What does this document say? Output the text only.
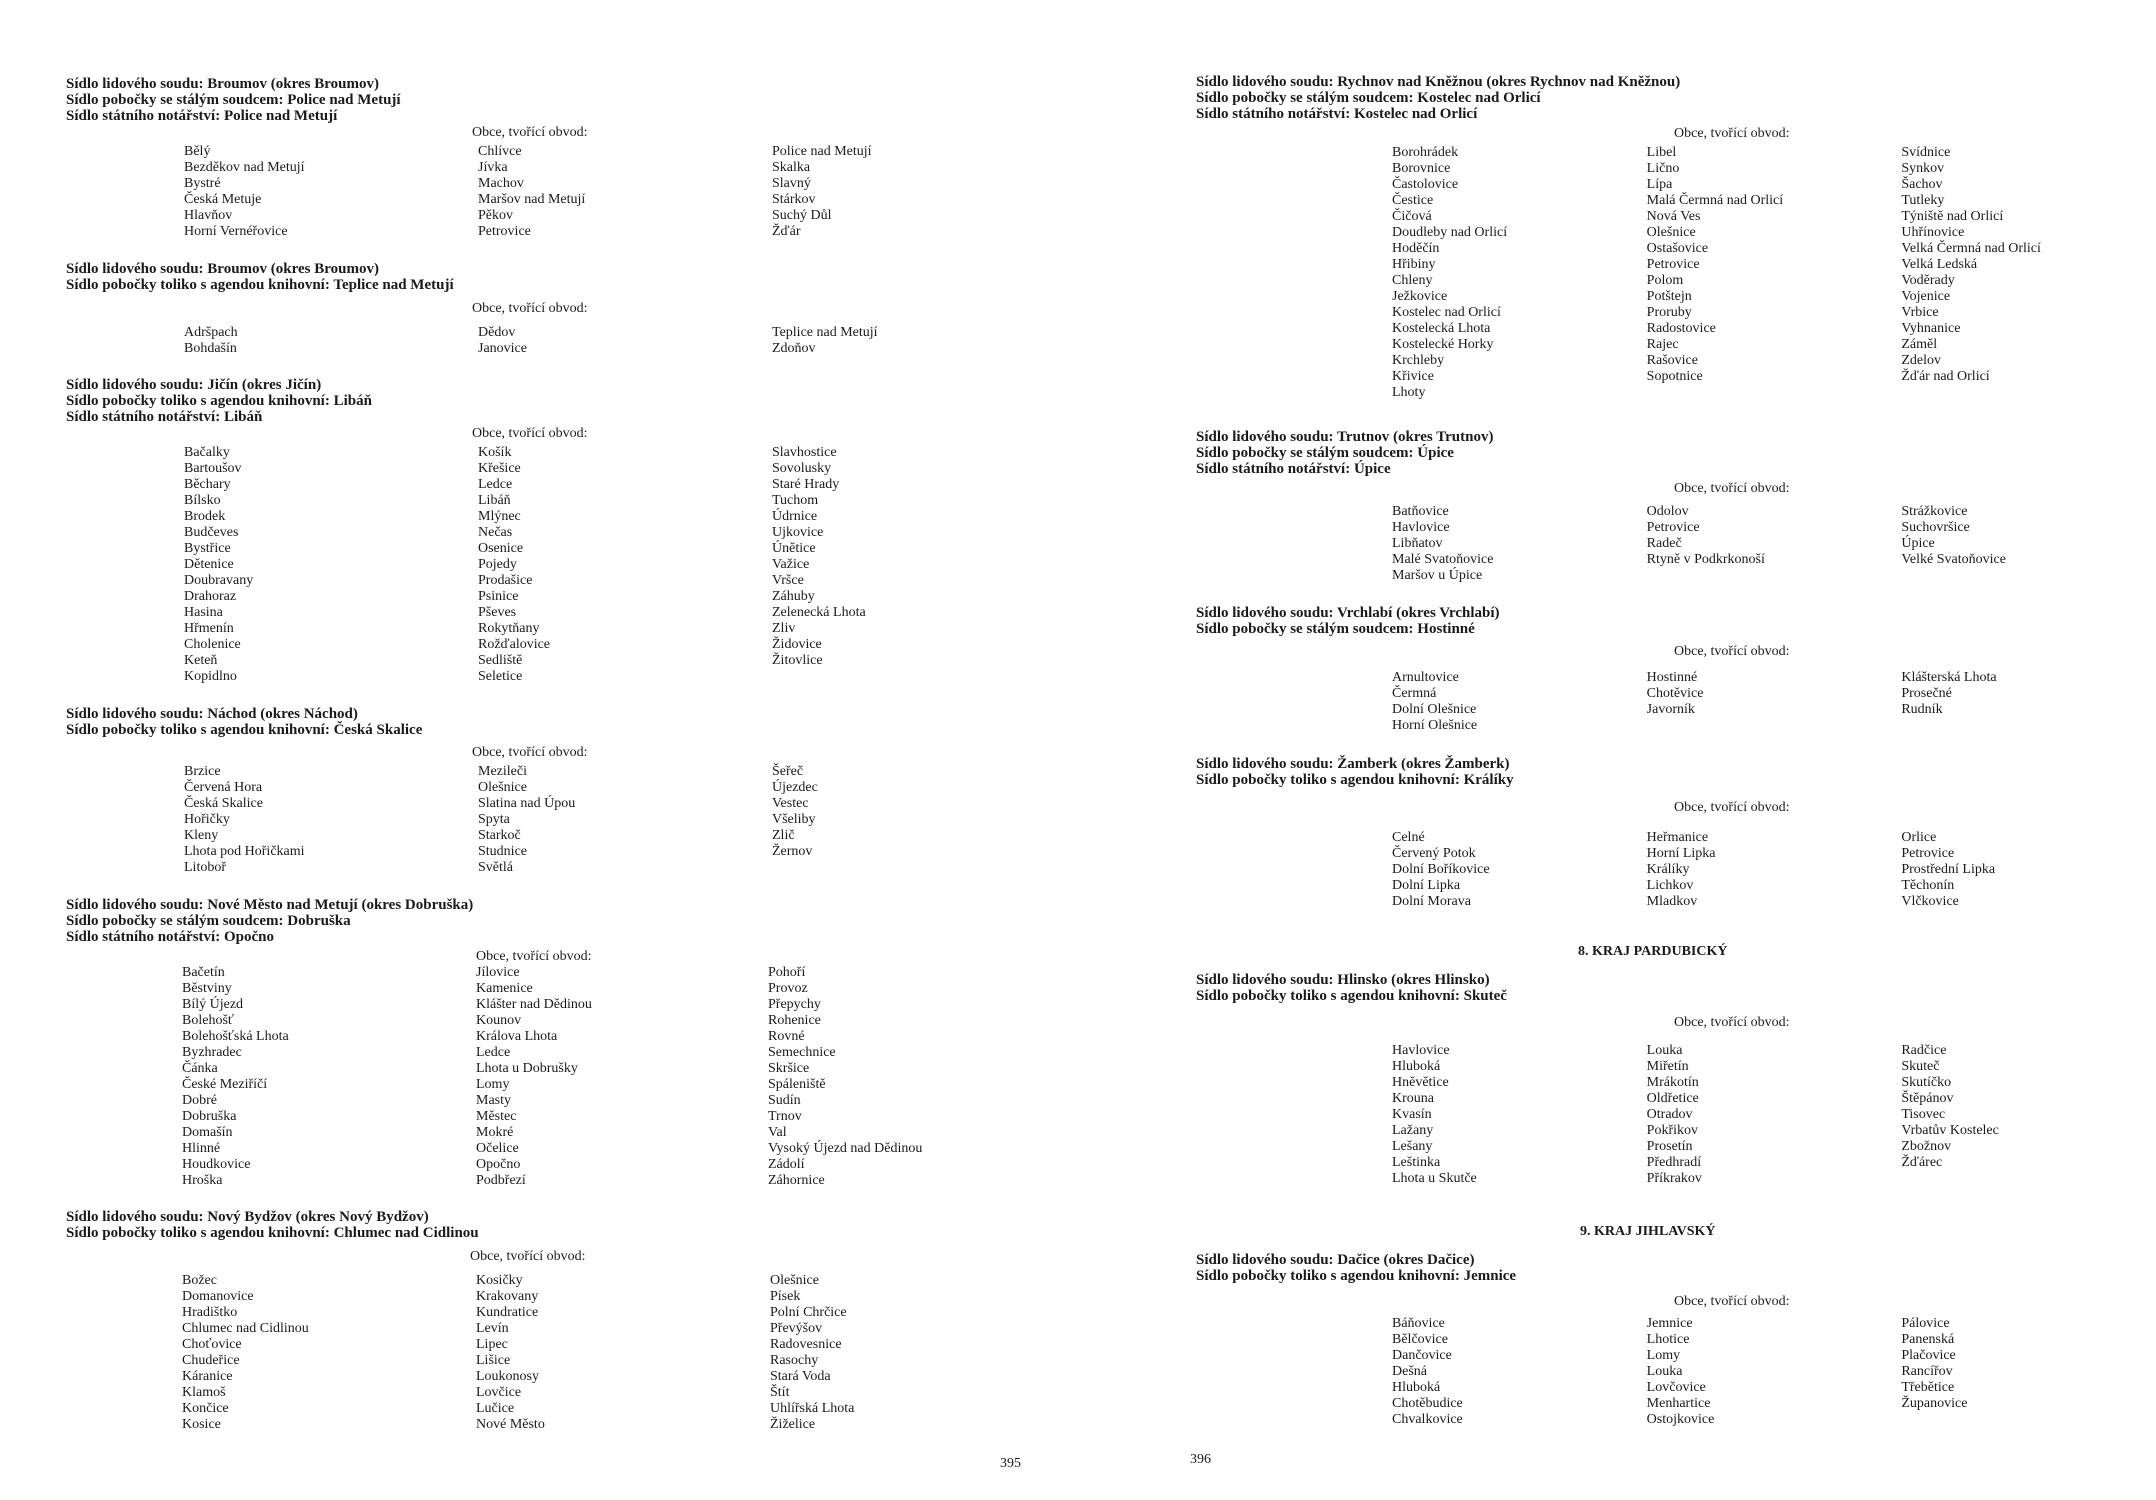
Sídlo lidového soudu: Broumov (okres Broumov)
Sídlo pobočky se stálým soudcem: Police nad Metují
Sídlo státního notářství: Police nad Metují
Obce, tvořící obvod:
Bělý
Bezděkov nad Metují
Bystré
Česká Metuje
Hlavňov
Horní Vernéřovice
Chlívce
Jívka
Machov
Maršov nad Metují
Pěkov
Petrovice
Police nad Metují
Skalka
Slavný
Stárkov
Suchý Důl
Žďár
Sídlo lidového soudu: Broumov (okres Broumov)
Sídlo pobočky toliko s agendou knihovní: Teplice nad Metují
Obce, tvořící obvod:
Adršpach
Bohdašín
Dědov
Janovice
Teplice nad Metují
Zdoňov
Sídlo lidového soudu: Jičín (okres Jičín)
Sídlo pobočky toliko s agendou knihovní: Libáň
Sídlo státního notářství: Libáň
Obce, tvořící obvod:
Bačalky
Bartoušov
Běchary
Bílsko
Brodek
Budčeves
Bystřice
Dětenice
Doubravany
Drahoraz
Hasina
Hřmenín
Cholenice
Keteň
Kopidlno
Košík
Křešice
Ledce
Libáň
Mlýnec
Nečas
Osenice
Pojedy
Prodašice
Psinice
Pševes
Rokytňany
Rožďalovice
Sedliště
Seletice
Slavhostice
Sovolusky
Staré Hrady
Tuchom
Údrnice
Ujkovice
Únětice
Važice
Vršce
Záhuby
Zelenecká Lhota
Zliv
Židovice
Žitovlice
Sídlo lidového soudu: Náchod (okres Náchod)
Sídlo pobočky toliko s agendou knihovní: Česká Skalice
Obce, tvořící obvod:
Brzice
Červená Hora
Česká Skalice
Hořičky
Kleny
Lhota pod Hořičkami
Litoboř
Mezileči
Olešnice
Slatina nad Úpou
Spyta
Starkoč
Studnice
Světlá
Šeřeč
Újezdec
Vestec
Všeliby
Zlič
Žernov
Sídlo lidového soudu: Nové Město nad Metují (okres Dobruška)
Sídlo pobočky se stálým soudcem: Dobruška
Sídlo státního notářství: Opočno
Obce, tvořící obvod:
Bačetín
Běstviny
Bílý Újezd
Bolehošť
Bolehošťská Lhota
Byzhradec
Čánka
České Meziříčí
Dobré
Dobruška
Domašín
Hlinné
Houdkovice
Hroška
Jílovice
Kamenice
Klášter nad Dědinou
Kounov
Králova Lhota
Ledce
Lhota u Dobrušky
Lomy
Masty
Městec
Mokré
Očelice
Opočno
Podbřezí
Pohoří
Provoz
Přepychy
Rohenice
Rovné
Semechnice
Skršice
Spáleniště
Sudín
Trnov
Val
Vysoký Újezd nad Dědinou
Zádolí
Záhornice
Sídlo lidového soudu: Nový Bydžov (okres Nový Bydžov)
Sídlo pobočky toliko s agendou knihovní: Chlumec nad Cidlinou
Obce, tvořící obvod:
Božec
Domanovice
Hradištko
Chlumec nad Cidlinou
Choťovice
Chudeřice
Káranice
Klamoš
Končice
Kosice
Kosičky
Krakovany
Kundratice
Levín
Lipec
Lišice
Loukonosy
Lovčice
Lučice
Nové Město
Olešnice
Písek
Polní Chrčice
Převýšov
Radovesnice
Rasochy
Stará Voda
Štít
Uhlířská Lhota
Žiželice
395
Sídlo lidového soudu: Rychnov nad Kněžnou (okres Rychnov nad Kněžnou)
Sídlo pobočky se stálým soudcem: Kostelec nad Orlicí
Sídlo státního notářství: Kostelec nad Orlicí
Obce, tvořící obvod:
Borohrádek
Borovnice
Častolovice
Čestice
Čičová
Doudleby nad Orlicí
Hoděčín
Hřibiny
Chleny
Ježkovice
Kostelec nad Orlicí
Kostelecká Lhota
Kostelecké Horky
Krchleby
Křivice
Lhoty
Libel
Lično
Lípa
Malá Čermná nad Orlicí
Nová Ves
Olešnice
Ostašovice
Petrovice
Polom
Potštejn
Proruby
Radostovice
Rajec
Rašovice
Sopotnice
Svídnice
Synkov
Šachov
Tutleky
Týniště nad Orlicí
Uhřínovice
Velká Čermná nad Orlicí
Velká Ledská
Voděrady
Vojenice
Vrbice
Vyhnanice
Záměl
Zdelov
Žďár nad Orlicí
Sídlo lidového soudu: Trutnov (okres Trutnov)
Sídlo pobočky se stálým soudcem: Úpice
Sídlo státního notářství: Úpice
Obce, tvořící obvod:
Batňovice
Havlovice
Libňatov
Malé Svatoňovice
Maršov u Úpice
Odolov
Petrovice
Radeč
Rtyně v Podkrkonoší
Strážkovice
Suchovršice
Úpice
Velké Svatoňovice
Sídlo lidového soudu: Vrchlabí (okres Vrchlabí)
Sídlo pobočky se stálým soudcem: Hostinné
Obce, tvořící obvod:
Arnultovice
Čermná
Dolní Olešnice
Horní Olešnice
Hostinné
Chotěvice
Javorník
Klášterská Lhota
Prosečné
Rudník
Sídlo lidového soudu: Žamberk (okres Žamberk)
Sídlo pobočky toliko s agendou knihovní: Králíky
Obce, tvořící obvod:
Celné
Červený Potok
Dolní Boříkovice
Dolní Lipka
Dolní Morava
Heřmanice
Horní Lipka
Králíky
Lichkov
Mladkov
Orlice
Petrovice
Prostřední Lipka
Těchonín
Vlčkovice
8. KRAJ PARDUBICKÝ
Sídlo lidového soudu: Hlinsko (okres Hlinsko)
Sídlo pobočky toliko s agendou knihovní: Skuteč
Obce, tvořící obvod:
Havlovice
Hluboká
Hněvětice
Krouna
Kvasín
Lažany
Lešany
Leštinka
Lhota u Skutče
Louka
Miřetín
Mrákotín
Oldřetice
Otradov
Pokřikov
Prosetín
Předhradí
Příkrakov
Radčice
Skuteč
Skutíčko
Štěpánov
Tisovec
Vrbatův Kostelec
Zbožnov
Žďárec
9. KRAJ JIHLAVSKÝ
Sídlo lidového soudu: Dačice (okres Dačice)
Sídlo pobočky toliko s agendou knihovní: Jemnice
Obce, tvořící obvod:
Báňovice
Bělčovice
Dančovice
Dešná
Hluboká
Chotěbudice
Chvalkovice
Jemnice
Lhotice
Lomy
Louka
Lovčovice
Menhartice
Ostojkovice
Pálovice
Panenská
Plačovice
Rancířov
Třebětice
Županovice
396
